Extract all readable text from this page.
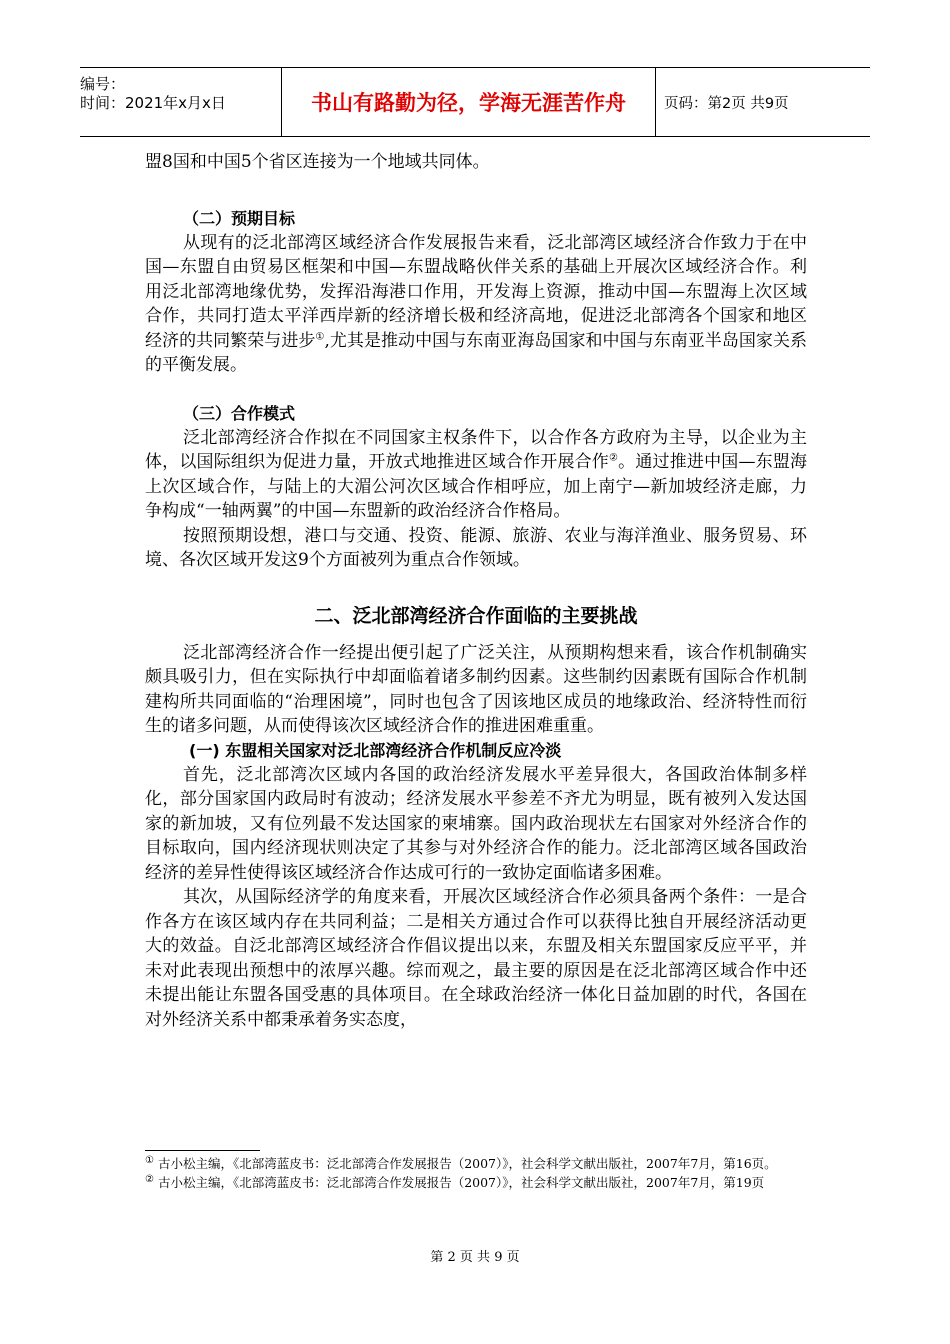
编号：
时间：2021年x月x日	书山有路勤为径，学海无涯苦作舟	页码：第2页 共9页

盟8国和中国5个省区连接为一个地域共同体。

（二）预期目标

从现有的泛北部湾区域经济合作发展报告来看，泛北部湾区域经济合作致力于在中国—东盟自由贸易区框架和中国—东盟战略伙伴关系的基础上开展次区域经济合作。利用泛北部湾地缘优势，发挥沿海港口作用，开发海上资源，推动中国—东盟海上次区域合作，共同打造太平洋西岸新的经济增长极和经济高地，促进泛北部湾各个国家和地区经济的共同繁荣与进步①,尤其是推动中国与东南亚海岛国家和中国与东南亚半岛国家关系的平衡发展。

（三）合作模式

泛北部湾经济合作拟在不同国家主权条件下，以合作各方政府为主导，以企业为主体，以国际组织为促进力量，开放式地推进区域合作开展合作②。通过推进中国—东盟海上次区域合作，与陆上的大湄公河次区域合作相呼应，加上南宁—新加坡经济走廊，力争构成“一轴两翼”的中国—东盟新的政治经济合作格局。

按照预期设想，港口与交通、投资、能源、旅游、农业与海洋渔业、服务贸易、环境、各次区域开发这9个方面被列为重点合作领域。

二、泛北部湾经济合作面临的主要挑战

泛北部湾经济合作一经提出便引起了广泛关注，从预期构想来看，该合作机制确实颇具吸引力，但在实际执行中却面临着诸多制约因素。这些制约因素既有国际合作机制建构所共同面临的“治理困境”，同时也包含了因该地区成员的地缘政治、经济特性而衍生的诸多问题，从而使得该次区域经济合作的推进困难重重。

(一) 东盟相关国家对泛北部湾经济合作机制反应冷淡

首先，泛北部湾次区域内各国的政治经济发展水平差异很大，各国政治体制多样化，部分国家国内政局时有波动；经济发展水平参差不齐尤为明显，既有被列入发达国家的新加坡，又有位列最不发达国家的柬埔寨。国内政治现状左右国家对外经济合作的目标取向，国内经济现状则决定了其参与对外经济合作的能力。泛北部湾区域各国政治经济的差异性使得该区域经济合作达成可行的一致协定面临诸多困难。

其次，从国际经济学的角度来看，开展次区域经济合作必须具备两个条件：一是合作各方在该区域内存在共同利益；二是相关方通过合作可以获得比独自开展经济活动更大的效益。自泛北部湾区域经济合作倡议提出以来，东盟及相关东盟国家反应平平，并未对此表现出预想中的浓厚兴趣。综而观之，最主要的原因是在泛北部湾区域合作中还未提出能让东盟各国受惠的具体项目。在全球政治经济一体化日益加剧的时代，各国在对外经济关系中都秉承着务实态度，

① 古小松主编，《北部湾蓝皮书：泛北部湾合作发展报告（2007）》，社会科学文献出版社，2007年7月，第16页。

② 古小松主编，《北部湾蓝皮书：泛北部湾合作发展报告（2007）》，社会科学文献出版社，2007年7月，第19页

第 2 页 共 9 页
